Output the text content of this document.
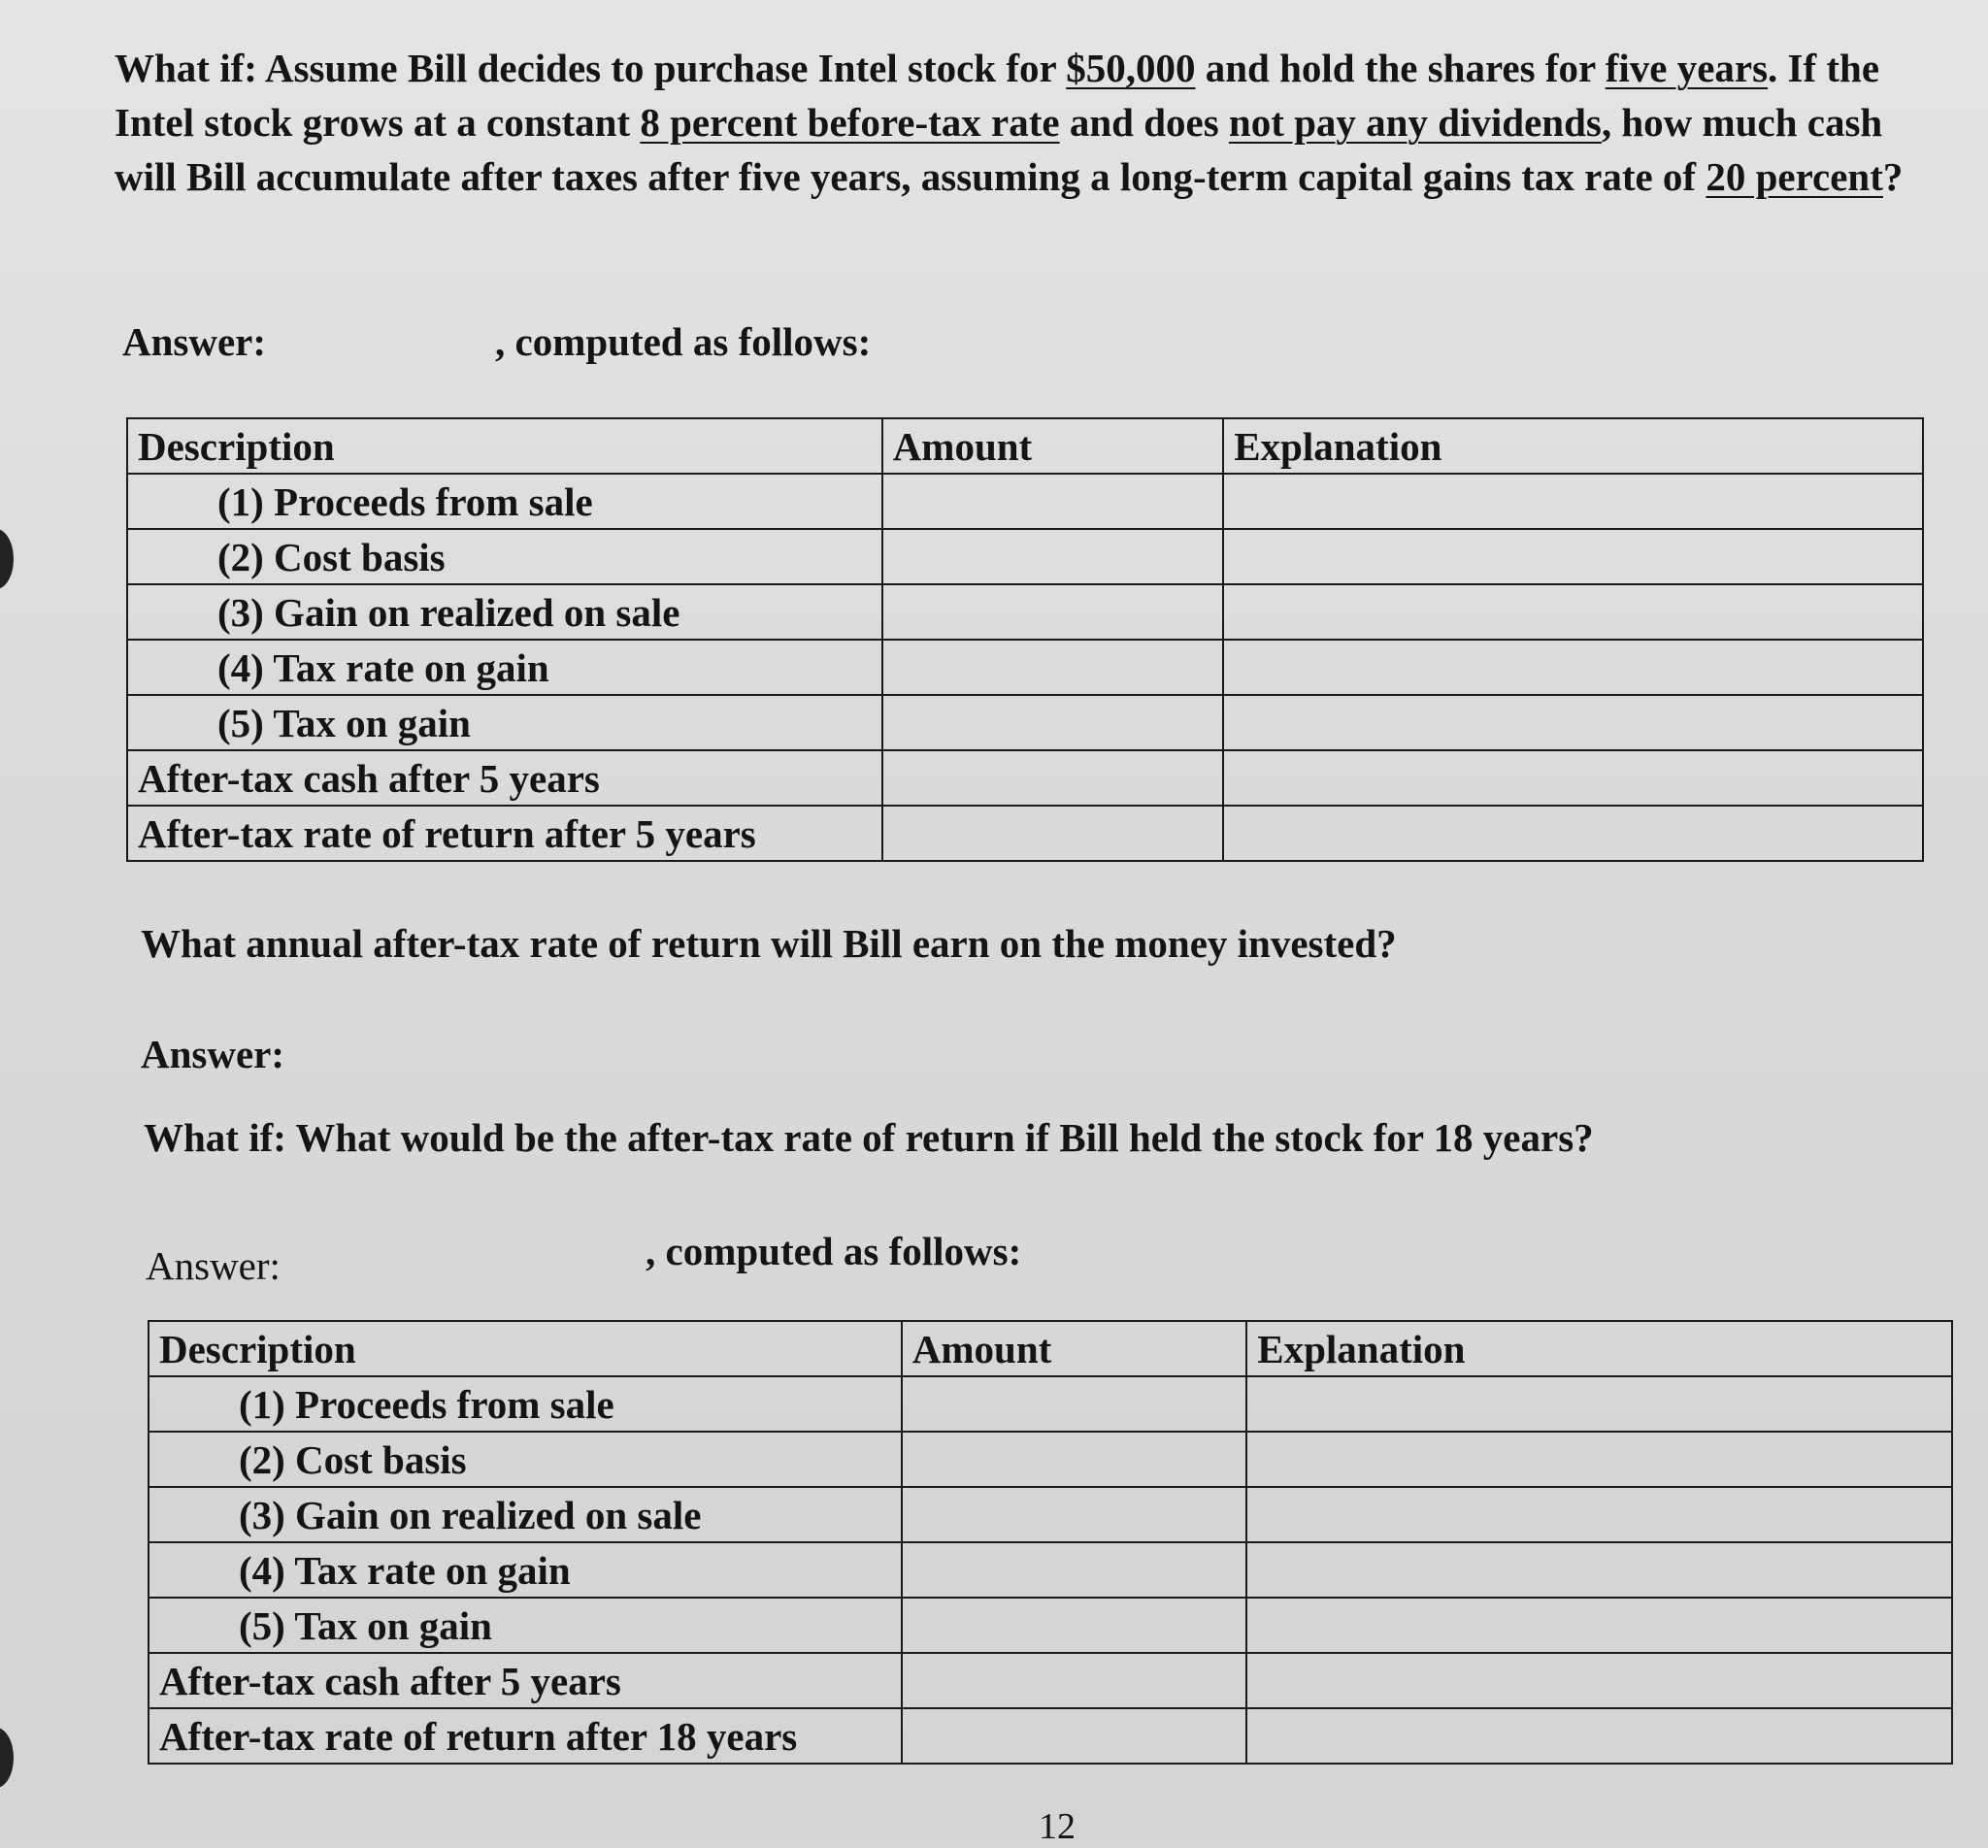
What if: Assume Bill decides to purchase Intel stock for $50,000 and hold the shares for five years. If the Intel stock grows at a constant 8 percent before-tax rate and does not pay any dividends, how much cash will Bill accumulate after taxes after five years, assuming a long-term capital gains tax rate of 20 percent?
Answer:	, computed as follows:
Description	Amount	Explanation
(1) Proceeds from sale		
(2) Cost basis		
(3) Gain on realized on sale		
(4) Tax rate on gain		
(5) Tax on gain		
After-tax cash after 5 years		
After-tax rate of return after 5 years		
What annual after-tax rate of return will Bill earn on the money invested?
Answer:
What if: What would be the after-tax rate of return if Bill held the stock for 18 years?
Answer:	, computed as follows:
Description	Amount	Explanation
(1) Proceeds from sale		
(2) Cost basis		
(3) Gain on realized on sale		
(4) Tax rate on gain		
(5) Tax on gain		
After-tax cash after 5 years		
After-tax rate of return after 18 years		
12
